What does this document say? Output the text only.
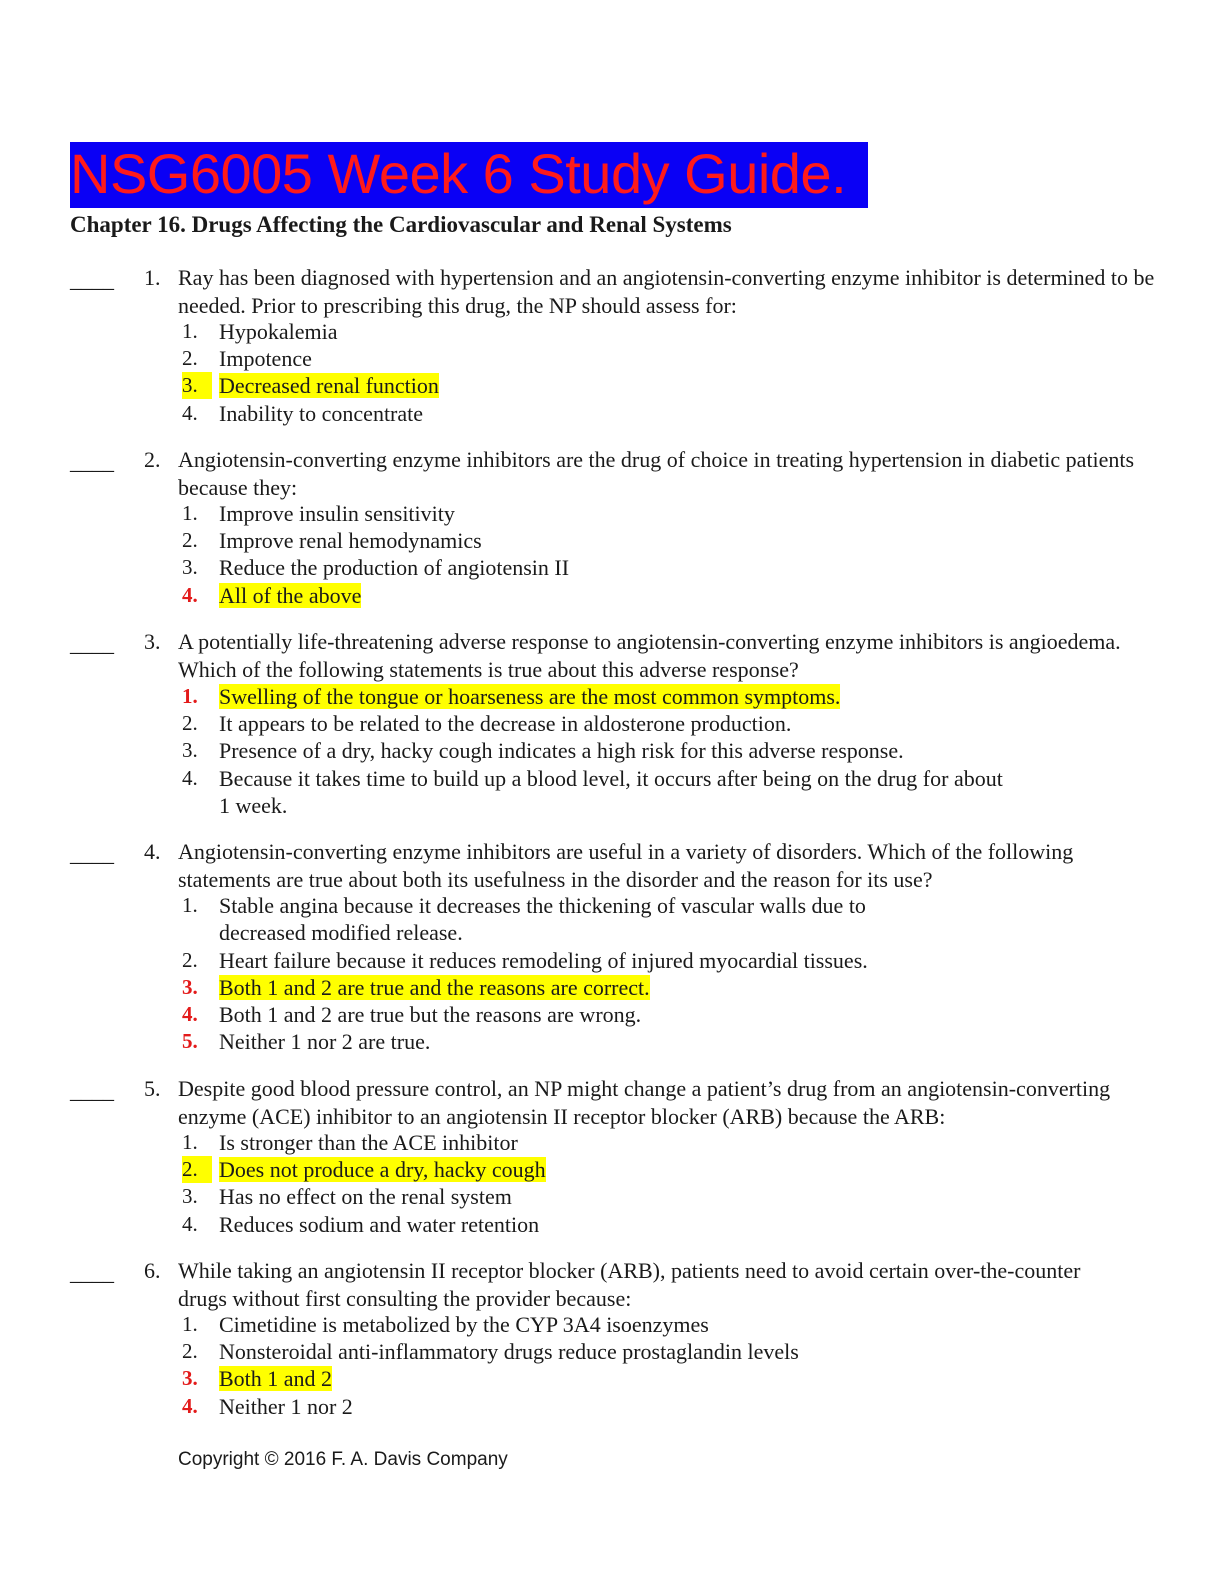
NSG6005 Week 6 Study Guide.
Chapter 16. Drugs Affecting the Cardiovascular and Renal Systems
____ 1. Ray has been diagnosed with hypertension and an angiotensin-converting enzyme inhibitor is determined to be needed. Prior to prescribing this drug, the NP should assess for:
1. Hypokalemia
2. Impotence
3. Decreased renal function
4. Inability to concentrate
____ 2. Angiotensin-converting enzyme inhibitors are the drug of choice in treating hypertension in diabetic patients because they:
1. Improve insulin sensitivity
2. Improve renal hemodynamics
3. Reduce the production of angiotensin II
4. All of the above
____ 3. A potentially life-threatening adverse response to angiotensin-converting enzyme inhibitors is angioedema. Which of the following statements is true about this adverse response?
1. Swelling of the tongue or hoarseness are the most common symptoms.
2. It appears to be related to the decrease in aldosterone production.
3. Presence of a dry, hacky cough indicates a high risk for this adverse response.
4. Because it takes time to build up a blood level, it occurs after being on the drug for about 1 week.
____ 4. Angiotensin-converting enzyme inhibitors are useful in a variety of disorders. Which of the following statements are true about both its usefulness in the disorder and the reason for its use?
1. Stable angina because it decreases the thickening of vascular walls due to decreased modified release.
2. Heart failure because it reduces remodeling of injured myocardial tissues.
3. Both 1 and 2 are true and the reasons are correct.
4. Both 1 and 2 are true but the reasons are wrong.
5. Neither 1 nor 2 are true.
____ 5. Despite good blood pressure control, an NP might change a patient’s drug from an angiotensin-converting enzyme (ACE) inhibitor to an angiotensin II receptor blocker (ARB) because the ARB:
1. Is stronger than the ACE inhibitor
2. Does not produce a dry, hacky cough
3. Has no effect on the renal system
4. Reduces sodium and water retention
____ 6. While taking an angiotensin II receptor blocker (ARB), patients need to avoid certain over-the-counter drugs without first consulting the provider because:
1. Cimetidine is metabolized by the CYP 3A4 isoenzymes
2. Nonsteroidal anti-inflammatory drugs reduce prostaglandin levels
3. Both 1 and 2
4. Neither 1 nor 2
Copyright © 2016 F. A. Davis Company
